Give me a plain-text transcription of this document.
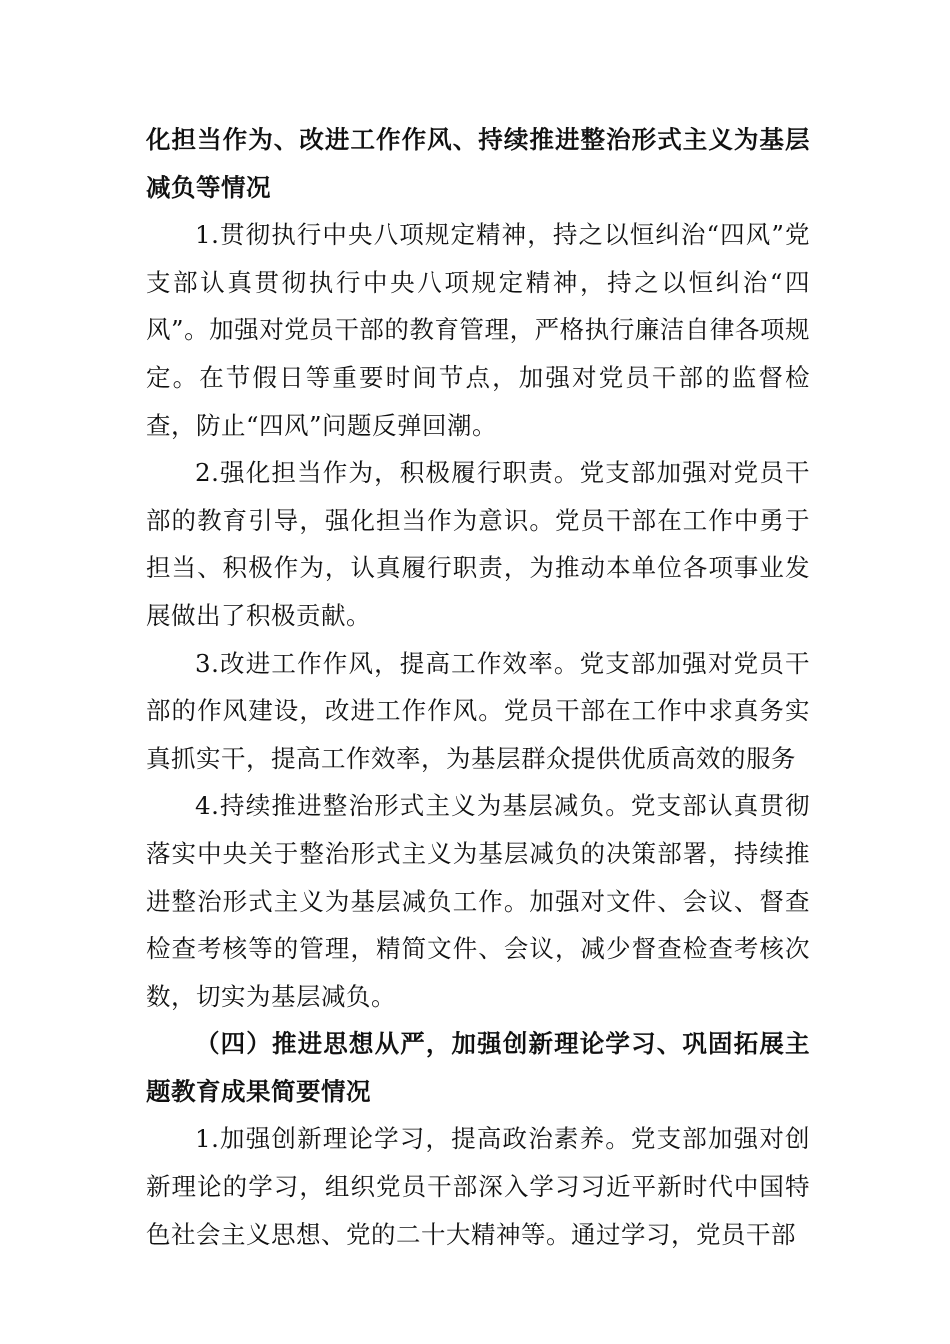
化担当作为、改进工作作风、持续推进整治形式主义为基层减负等情况

1.贯彻执行中央八项规定精神，持之以恒纠治“四风”党支部认真贯彻执行中央八项规定精神，持之以恒纠治“四风”。加强对党员干部的教育管理，严格执行廉洁自律各项规定。在节假日等重要时间节点，加强对党员干部的监督检查，防止“四风”问题反弹回潮。

2.强化担当作为，积极履行职责。党支部加强对党员干部的教育引导，强化担当作为意识。党员干部在工作中勇于担当、积极作为，认真履行职责，为推动本单位各项事业发展做出了积极贡献。

3.改进工作作风，提高工作效率。党支部加强对党员干部的作风建设，改进工作作风。党员干部在工作中求真务实真抓实干，提高工作效率，为基层群众提供优质高效的服务

4.持续推进整治形式主义为基层减负。党支部认真贯彻落实中央关于整治形式主义为基层减负的决策部署，持续推进整治形式主义为基层减负工作。加强对文件、会议、督查检查考核等的管理，精简文件、会议，减少督查检查考核次数，切实为基层减负。

（四）推进思想从严，加强创新理论学习、巩固拓展主题教育成果简要情况

1.加强创新理论学习，提高政治素养。党支部加强对创新理论的学习，组织党员干部深入学习习近平新时代中国特色社会主义思想、党的二十大精神等。通过学习，党员干部
